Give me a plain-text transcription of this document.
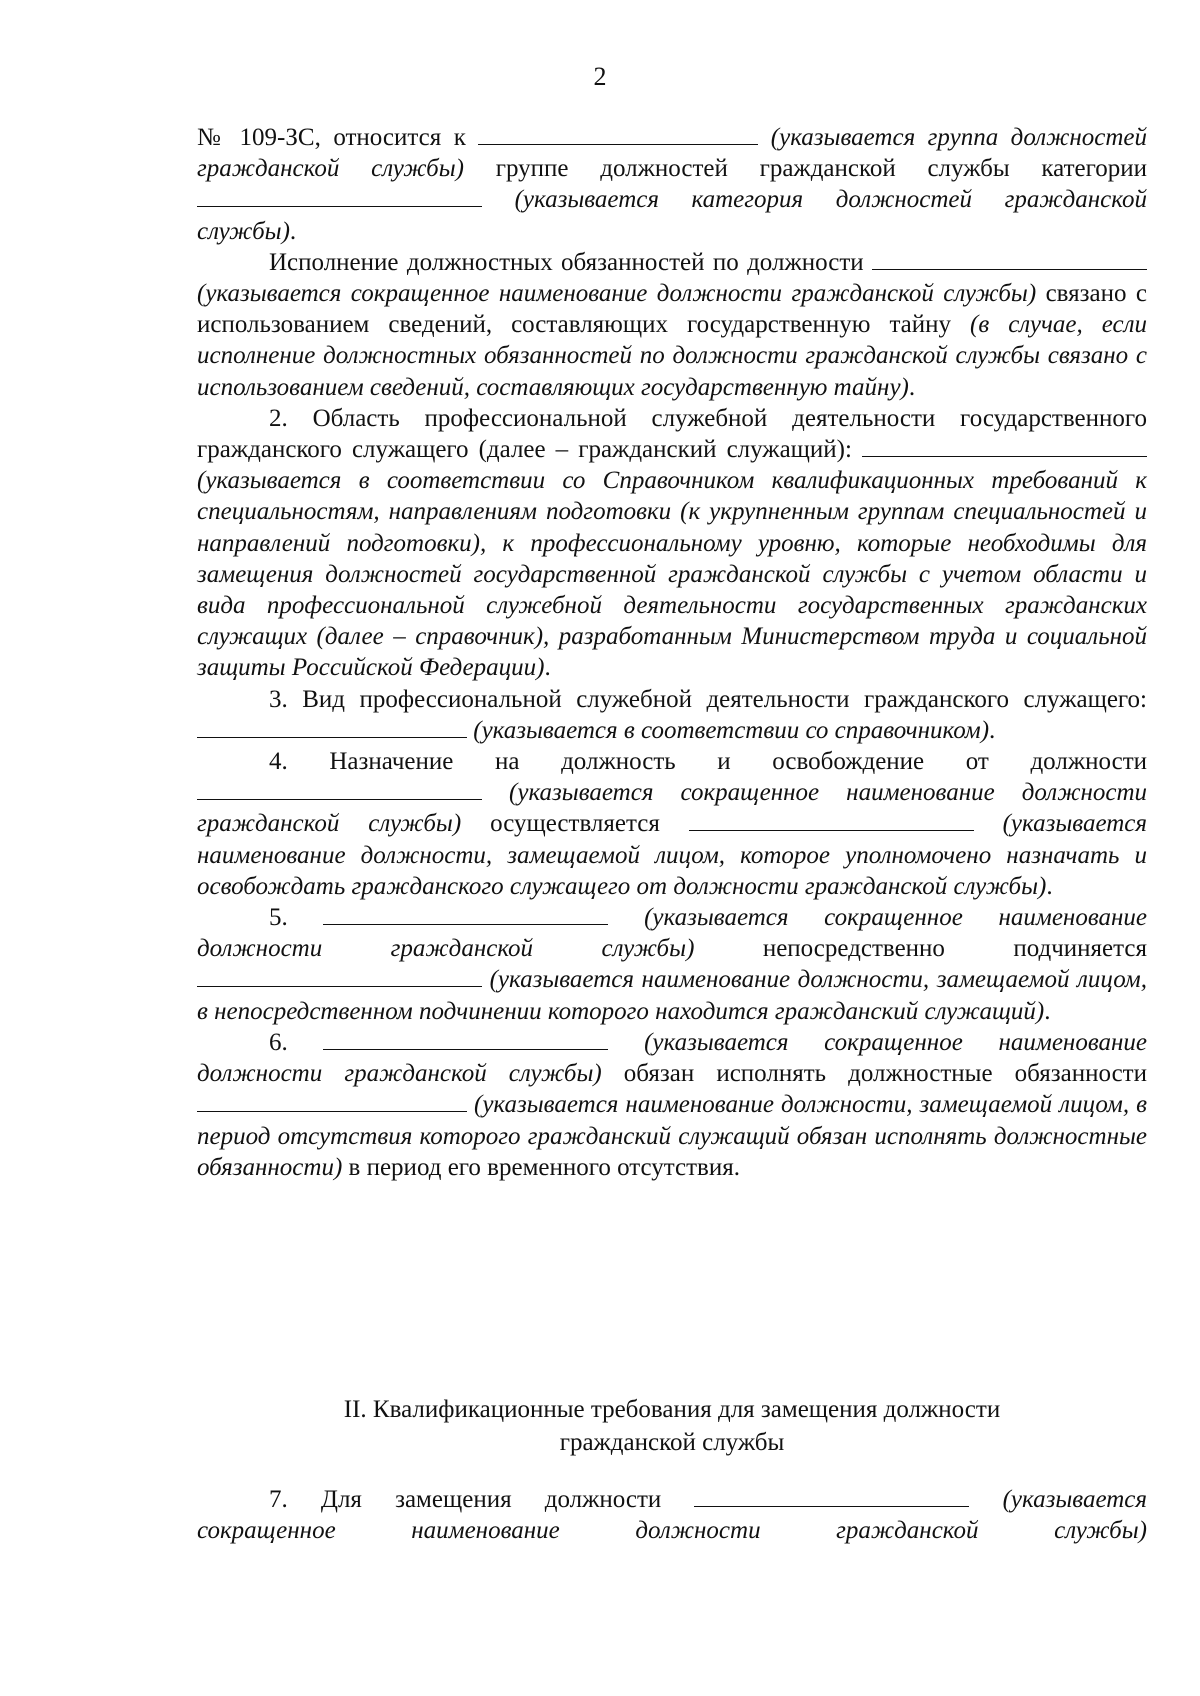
2

№ 109-ЗС, относится к	(указывается группа должностей гражданской службы) группе должностей гражданской службы категории  (указывается категория должностей гражданской службы).

Исполнение должностных обязанностей по должности  (указывается сокращенное наименование должности гражданской службы) связано с использованием сведений, составляющих государственную тайну (в случае, если исполнение должностных обязанностей по должности гражданской службы связано с использованием сведений, составляющих государственную тайну).

2. Область профессиональной служебной деятельности государственного гражданского служащего (далее – гражданский служащий):  (указывается в соответствии со Справочником квалификационных требований к специальностям, направлениям подготовки (к укрупненным группам специальностей и направлений подготовки), к профессиональному уровню, которые необходимы для замещения должностей государственной гражданской службы с учетом области и вида профессиональной служебной деятельности государственных гражданских служащих (далее – справочник), разработанным Министерством труда и социальной защиты Российской Федерации).

3. Вид профессиональной служебной деятельности гражданского служащего:  (указывается в соответствии со справочником).

4. Назначение на должность и освобождение от должности  (указывается сокращенное наименование должности гражданской службы) осуществляется	(указывается наименование должности, замещаемой лицом, которое уполномочено назначать и освобождать гражданского служащего от должности гражданской службы).

5.	(указывается сокращенное наименование должности гражданской службы) непосредственно подчиняется  (указывается наименование должности, замещаемой лицом, в непосредственном подчинении которого находится гражданский служащий).

6.	(указывается сокращенное наименование должности гражданской службы) обязан исполнять должностные обязанности  (указывается наименование должности, замещаемой лицом, в период отсутствия которого гражданский служащий обязан исполнять должностные обязанности) в период его временного отсутствия.

II. Квалификационные требования для замещения должности
гражданской службы

7. Для замещения должности	(указывается сокращенное наименование должности гражданской службы)
